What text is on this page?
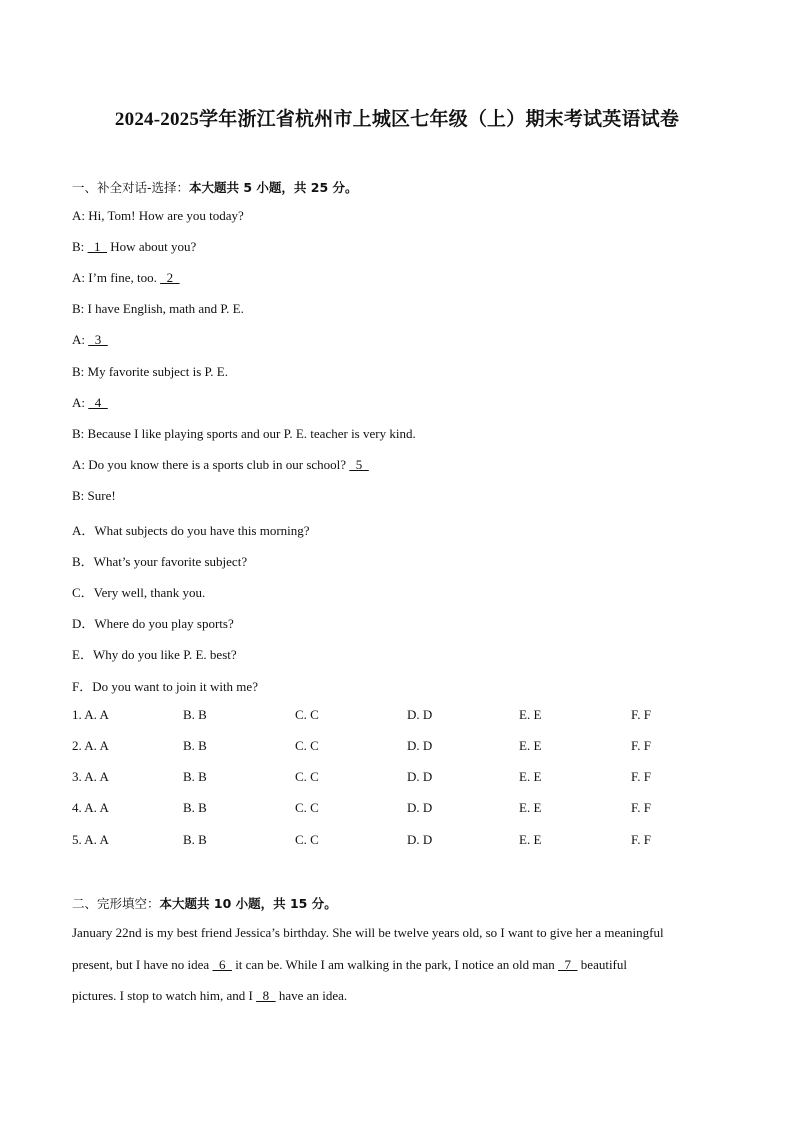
2024-2025学年浙江省杭州市上城区七年级（上）期末考试英语试卷
一、补全对话-选择：本大题共 5 小题，共 25 分。
A: Hi, Tom! How are you today?
B:   1   How about you?
A: I’m fine, too.   2
B: I have English, math and P. E.
A:   3
B: My favorite subject is P. E.
A:   4
B: Because I like playing sports and our P. E. teacher is very kind.
A: Do you know there is a sports club in our school?   5
B: Sure!
A．What subjects do you have this morning?
B．What’s your favorite subject?
C．Very well, thank you.
D．Where do you play sports?
E．Why do you like P. E. best?
F．Do you want to join it with me?
1. A. A	B. B	C. C	D. D	E. E	F. F
2. A. A	B. B	C. C	D. D	E. E	F. F
3. A. A	B. B	C. C	D. D	E. E	F. F
4. A. A	B. B	C. C	D. D	E. E	F. F
5. A. A	B. B	C. C	D. D	E. E	F. F
二、完形填空：本大题共 10 小题，共 15 分。
January 22nd is my best friend Jessica’s birthday. She will be twelve years old, so I want to give her a meaningful
present, but I have no idea   6   it can be. While I am walking in the park, I notice an old man   7   beautiful
pictures. I stop to watch him, and I   8   have an idea.
